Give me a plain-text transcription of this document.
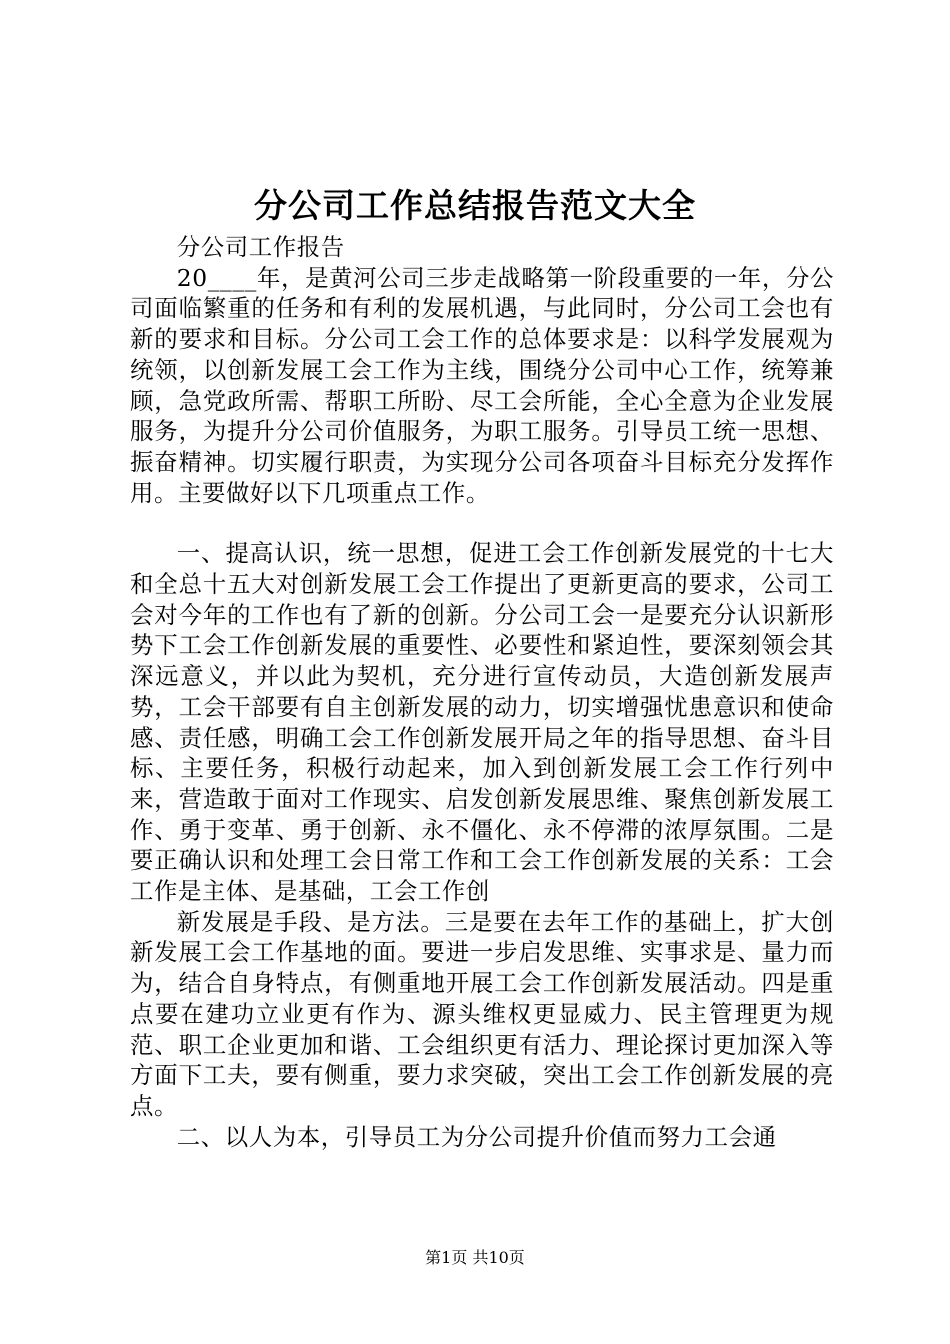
分公司工作总结报告范文大全

分公司工作报告

20____年，是黄河公司三步走战略第一阶段重要的一年，分公司面临繁重的任务和有利的发展机遇，与此同时，分公司工会也有新的要求和目标。分公司工会工作的总体要求是：以科学发展观为统领，以创新发展工会工作为主线，围绕分公司中心工作，统筹兼顾，急党政所需、帮职工所盼、尽工会所能，全心全意为企业发展服务，为提升分公司价值服务，为职工服务。引导员工统一思想、振奋精神。切实履行职责，为实现分公司各项奋斗目标充分发挥作用。主要做好以下几项重点工作。

一、提高认识，统一思想，促进工会工作创新发展党的十七大和全总十五大对创新发展工会工作提出了更新更高的要求，公司工会对今年的工作也有了新的创新。分公司工会一是要充分认识新形势下工会工作创新发展的重要性、必要性和紧迫性，要深刻领会其深远意义，并以此为契机，充分进行宣传动员，大造创新发展声势，工会干部要有自主创新发展的动力，切实增强忧患意识和使命感、责任感，明确工会工作创新发展开局之年的指导思想、奋斗目标、主要任务，积极行动起来，加入到创新发展工会工作行列中来，营造敢于面对工作现实、启发创新发展思维、聚焦创新发展工作、勇于变革、勇于创新、永不僵化、永不停滞的浓厚氛围。二是要正确认识和处理工会日常工作和工会工作创新发展的关系：工会工作是主体、是基础，工会工作创

新发展是手段、是方法。三是要在去年工作的基础上，扩大创新发展工会工作基地的面。要进一步启发思维、实事求是、量力而为，结合自身特点，有侧重地开展工会工作创新发展活动。四是重点要在建功立业更有作为、源头维权更显威力、民主管理更为规范、职工企业更加和谐、工会组织更有活力、理论探讨更加深入等方面下工夫，要有侧重，要力求突破，突出工会工作创新发展的亮点。

二、以人为本，引导员工为分公司提升价值而努力工会通

第1页 共10页
